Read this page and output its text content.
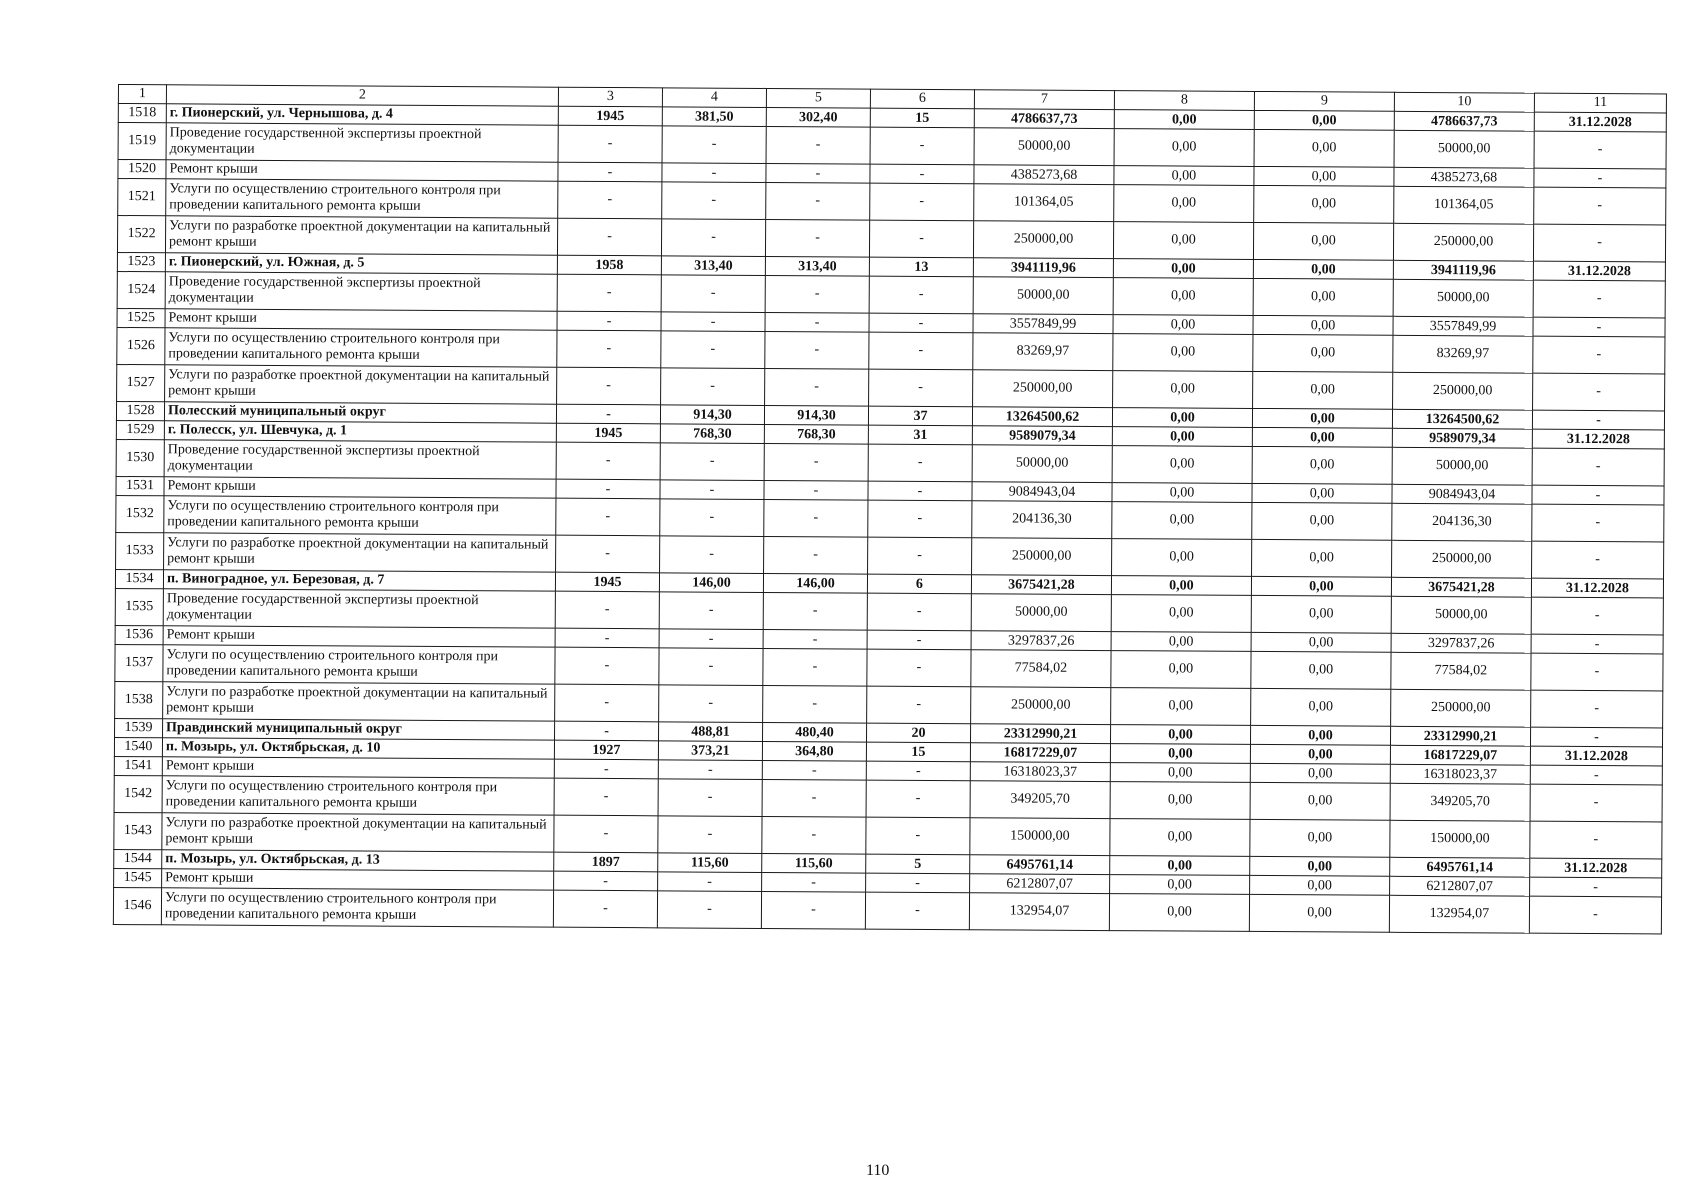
1	2	3	4	5	6	7	8	9	10	11
1518	г. Пионерский, ул. Чернышова, д. 4	1945	381,50	302,40	15	4786637,73	0,00	0,00	4786637,73	31.12.2028
1519	Проведение государственной экспертизы проектной документации	-	-	-	-	50000,00	0,00	0,00	50000,00	-
1520	Ремонт крыши	-	-	-	-	4385273,68	0,00	0,00	4385273,68	-
1521	Услуги по осуществлению строительного контроля при проведении капитального ремонта крыши	-	-	-	-	101364,05	0,00	0,00	101364,05	-
1522	Услуги по разработке проектной документации на капитальный ремонт крыши	-	-	-	-	250000,00	0,00	0,00	250000,00	-
1523	г. Пионерский, ул. Южная, д. 5	1958	313,40	313,40	13	3941119,96	0,00	0,00	3941119,96	31.12.2028
1524	Проведение государственной экспертизы проектной документации	-	-	-	-	50000,00	0,00	0,00	50000,00	-
1525	Ремонт крыши	-	-	-	-	3557849,99	0,00	0,00	3557849,99	-
1526	Услуги по осуществлению строительного контроля при проведении капитального ремонта крыши	-	-	-	-	83269,97	0,00	0,00	83269,97	-
1527	Услуги по разработке проектной документации на капитальный ремонт крыши	-	-	-	-	250000,00	0,00	0,00	250000,00	-
1528	Полесский муниципальный округ	-	914,30	914,30	37	13264500,62	0,00	0,00	13264500,62	-
1529	г. Полесск, ул. Шевчука, д. 1	1945	768,30	768,30	31	9589079,34	0,00	0,00	9589079,34	31.12.2028
1530	Проведение государственной экспертизы проектной документации	-	-	-	-	50000,00	0,00	0,00	50000,00	-
1531	Ремонт крыши	-	-	-	-	9084943,04	0,00	0,00	9084943,04	-
1532	Услуги по осуществлению строительного контроля при проведении капитального ремонта крыши	-	-	-	-	204136,30	0,00	0,00	204136,30	-
1533	Услуги по разработке проектной документации на капитальный ремонт крыши	-	-	-	-	250000,00	0,00	0,00	250000,00	-
1534	п. Виноградное, ул. Березовая, д. 7	1945	146,00	146,00	6	3675421,28	0,00	0,00	3675421,28	31.12.2028
1535	Проведение государственной экспертизы проектной документации	-	-	-	-	50000,00	0,00	0,00	50000,00	-
1536	Ремонт крыши	-	-	-	-	3297837,26	0,00	0,00	3297837,26	-
1537	Услуги по осуществлению строительного контроля при проведении капитального ремонта крыши	-	-	-	-	77584,02	0,00	0,00	77584,02	-
1538	Услуги по разработке проектной документации на капитальный ремонт крыши	-	-	-	-	250000,00	0,00	0,00	250000,00	-
1539	Правдинский муниципальный округ	-	488,81	480,40	20	23312990,21	0,00	0,00	23312990,21	-
1540	п. Мозырь, ул. Октябрьская, д. 10	1927	373,21	364,80	15	16817229,07	0,00	0,00	16817229,07	31.12.2028
1541	Ремонт крыши	-	-	-	-	16318023,37	0,00	0,00	16318023,37	-
1542	Услуги по осуществлению строительного контроля при проведении капитального ремонта крыши	-	-	-	-	349205,70	0,00	0,00	349205,70	-
1543	Услуги по разработке проектной документации на капитальный ремонт крыши	-	-	-	-	150000,00	0,00	0,00	150000,00	-
1544	п. Мозырь, ул. Октябрьская, д. 13	1897	115,60	115,60	5	6495761,14	0,00	0,00	6495761,14	31.12.2028
1545	Ремонт крыши	-	-	-	-	6212807,07	0,00	0,00	6212807,07	-
1546	Услуги по осуществлению строительного контроля при проведении капитального ремонта крыши	-	-	-	-	132954,07	0,00	0,00	132954,07	-
110
